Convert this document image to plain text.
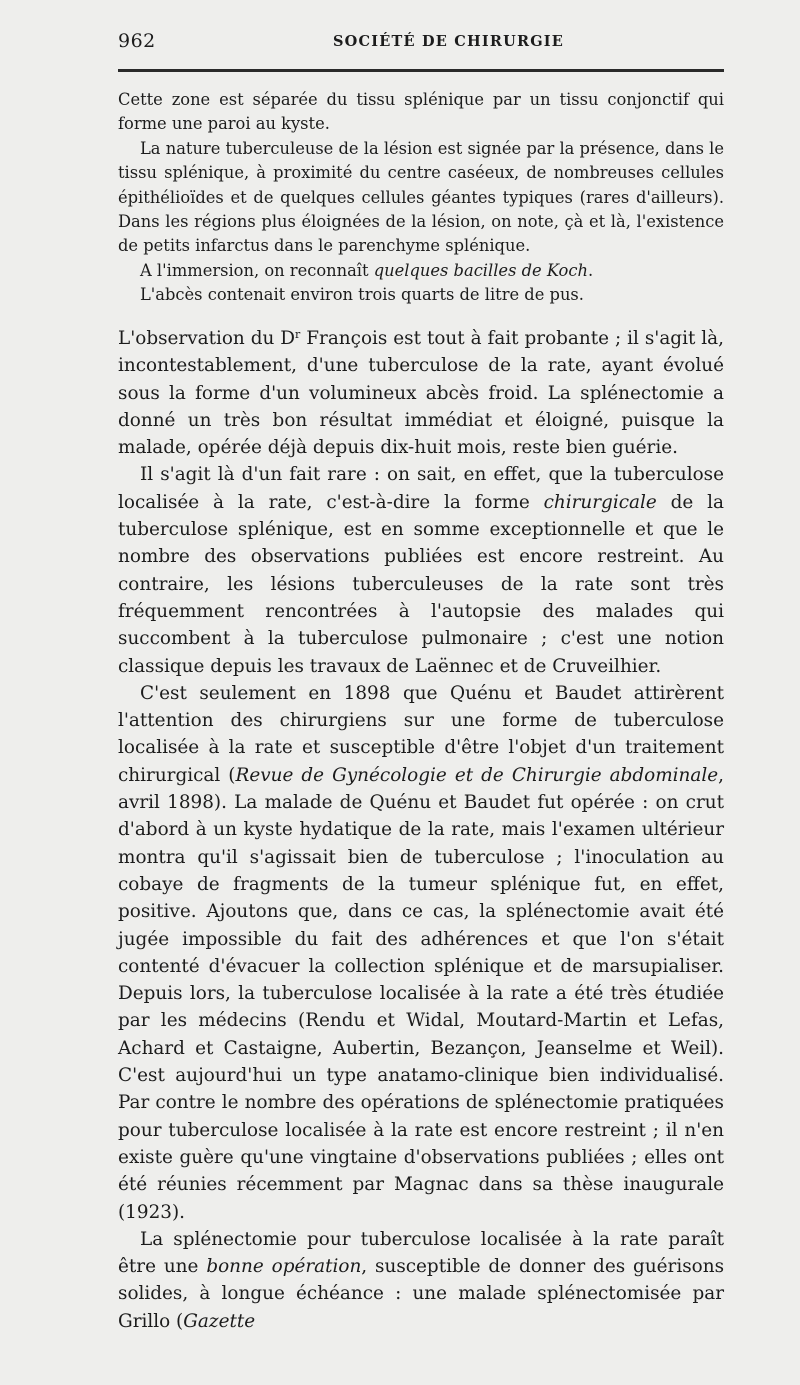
962	SOCIÉTÉ DE CHIRURGIE

Cette zone est séparée du tissu splénique par un tissu conjonctif qui forme une paroi au kyste.

La nature tuberculeuse de la lésion est signée par la présence, dans le tissu splénique, à proximité du centre caséeux, de nombreuses cellules épithélioïdes et de quelques cellules géantes typiques (rares d'ailleurs). Dans les régions plus éloignées de la lésion, on note, çà et là, l'existence de petits infarctus dans le parenchyme splénique.

A l'immersion, on reconnaît quelques bacilles de Koch.

L'abcès contenait environ trois quarts de litre de pus.

L'observation du $D^r$ François est tout à fait probante ; il s'agit là, incontestablement, d'une tuberculose de la rate, ayant évolué sous la forme d'un volumineux abcès froid. La splénectomie a donné un très bon résultat immédiat et éloigné, puisque la malade, opérée déjà depuis dix-huit mois, reste bien guérie.

Il s'agit là d'un fait rare : on sait, en effet, que la tuberculose localisée à la rate, c'est-à-dire la forme chirurgicale de la tuberculose splénique, est en somme exceptionnelle et que le nombre des observations publiées est encore restreint. Au contraire, les lésions tuberculeuses de la rate sont très fréquemment rencontrées à l'autopsie des malades qui succombent à la tuberculose pulmonaire ; c'est une notion classique depuis les travaux de Laënnec et de Cruveilhier.

C'est seulement en 1898 que Quénu et Baudet attirèrent l'attention des chirurgiens sur une forme de tuberculose localisée à la rate et susceptible d'être l'objet d'un traitement chirurgical (Revue de Gynécologie et de Chirurgie abdominale, avril 1898). La malade de Quénu et Baudet fut opérée : on crut d'abord à un kyste hydatique de la rate, mais l'examen ultérieur montra qu'il s'agissait bien de tuberculose ; l'inoculation au cobaye de fragments de la tumeur splénique fut, en effet, positive. Ajoutons que, dans ce cas, la splénectomie avait été jugée impossible du fait des adhérences et que l'on s'était contenté d'évacuer la collection splénique et de marsupialiser. Depuis lors, la tuberculose localisée à la rate a été très étudiée par les médecins (Rendu et Widal, Moutard-Martin et Lefas, Achard et Castaigne, Aubertin, Bezançon, Jeanselme et Weil). C'est aujourd'hui un type anatamo-clinique bien individualisé. Par contre le nombre des opérations de splénectomie pratiquées pour tuberculose localisée à la rate est encore restreint ; il n'en existe guère qu'une vingtaine d'observations publiées ; elles ont été réunies récemment par Magnac dans sa thèse inaugurale (1923).

La splénectomie pour tuberculose localisée à la rate paraît être une bonne opération, susceptible de donner des guérisons solides, à longue échéance : une malade splénectomisée par Grillo (Gazette
